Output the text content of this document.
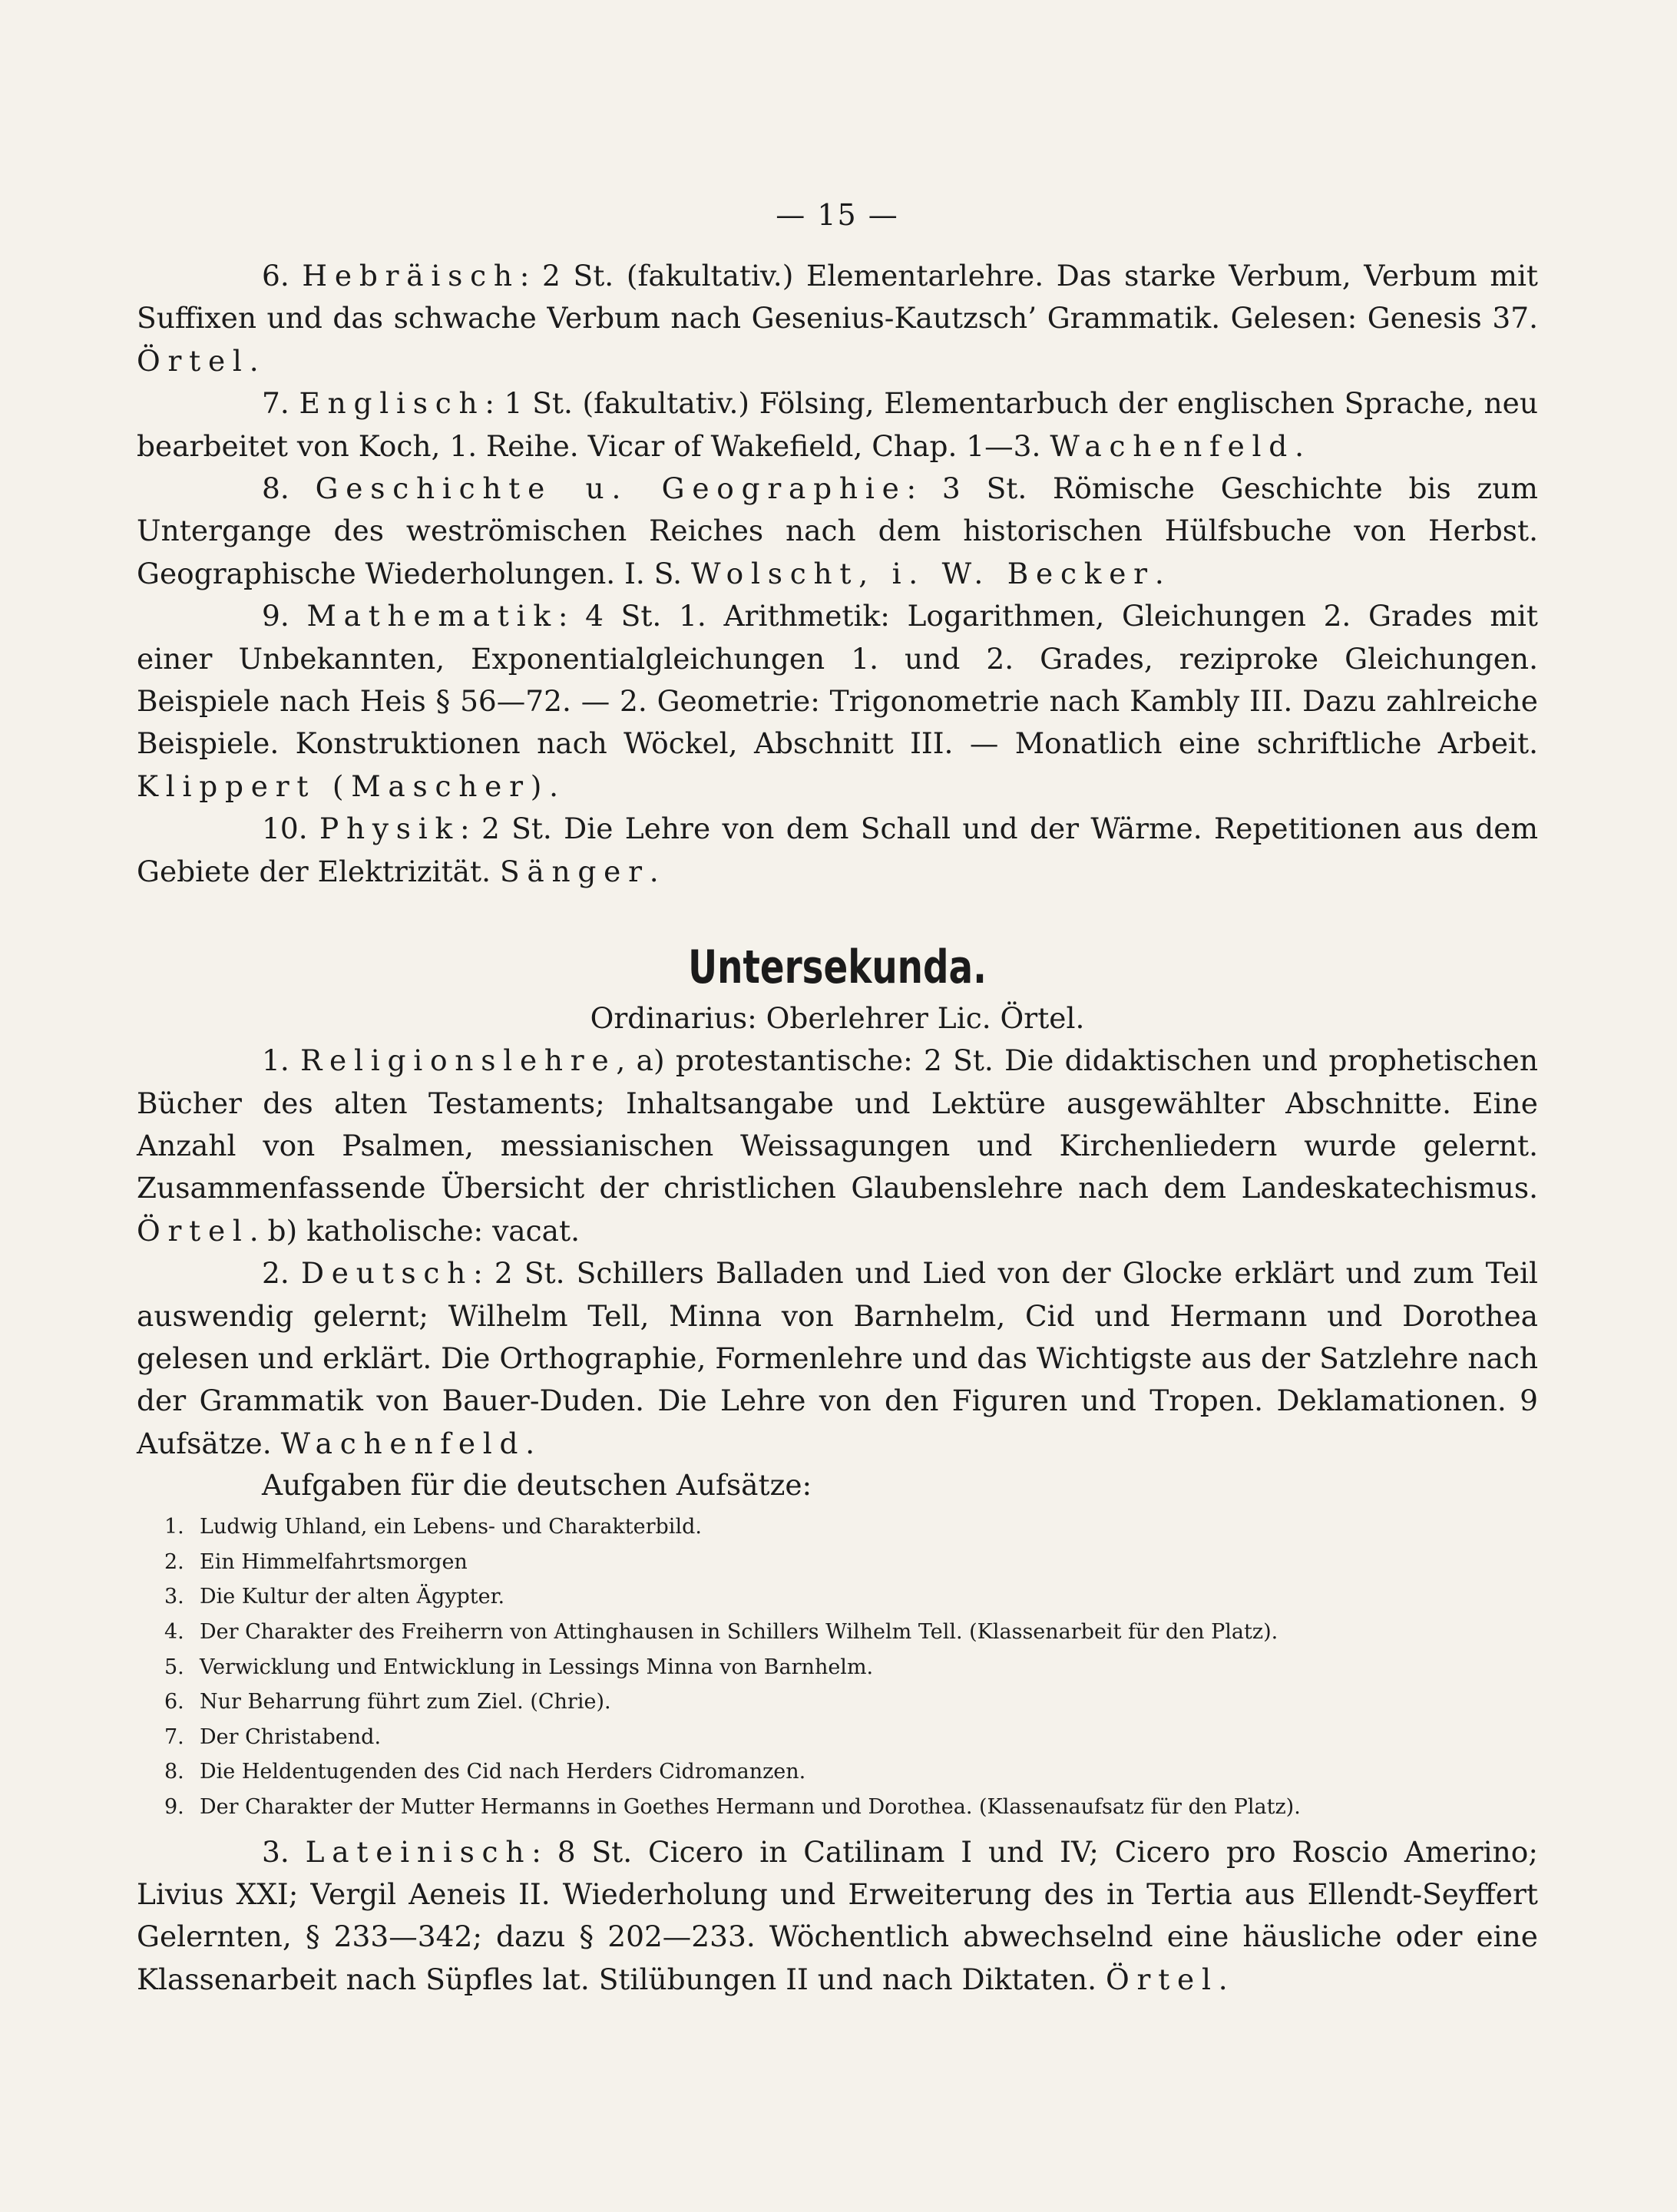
— 15 —

6. Hebräisch: 2 St. (fakultativ.) Elementarlehre. Das starke Verbum, Verbum mit Suffixen und das schwache Verbum nach Gesenius-Kautzsch’ Grammatik. Gelesen: Genesis 37. Örtel.

7. Englisch: 1 St. (fakultativ.) Fölsing, Elementarbuch der englischen Sprache, neu bearbeitet von Koch, 1. Reihe. Vicar of Wakefield, Chap. 1—3. Wachenfeld.

8. Geschichte u. Geographie: 3 St. Römische Geschichte bis zum Untergange des weströmischen Reiches nach dem historischen Hülfsbuche von Herbst. Geographische Wiederholungen. I. S. Wolscht, i. W. Becker.

9. Mathematik: 4 St. 1. Arithmetik: Logarithmen, Gleichungen 2. Grades mit einer Unbekannten, Exponentialgleichungen 1. und 2. Grades, reziproke Gleichungen. Beispiele nach Heis § 56—72. — 2. Geometrie: Trigonometrie nach Kambly III. Dazu zahlreiche Beispiele. Konstruktionen nach Wöckel, Abschnitt III. — Monatlich eine schriftliche Arbeit. Klippert (Mascher).

10. Physik: 2 St. Die Lehre von dem Schall und der Wärme. Repetitionen aus dem Gebiete der Elektrizität. Sänger.

Untersekunda.
Ordinarius: Oberlehrer Lic. Örtel.

1. Religionslehre, a) protestantische: 2 St. Die didaktischen und prophetischen Bücher des alten Testaments; Inhaltsangabe und Lektüre ausgewählter Abschnitte. Eine Anzahl von Psalmen, messianischen Weissagungen und Kirchenliedern wurde gelernt. Zusammenfassende Übersicht der christlichen Glaubenslehre nach dem Landeskatechismus. Örtel. b) katholische: vacat.

2. Deutsch: 2 St. Schillers Balladen und Lied von der Glocke erklärt und zum Teil auswendig gelernt; Wilhelm Tell, Minna von Barnhelm, Cid und Hermann und Dorothea gelesen und erklärt. Die Orthographie, Formenlehre und das Wichtigste aus der Satzlehre nach der Grammatik von Bauer-Duden. Die Lehre von den Figuren und Tropen. Deklamationen. 9 Aufsätze. Wachenfeld.

Aufgaben für die deutschen Aufsätze:

1. Ludwig Uhland, ein Lebens- und Charakterbild.
2. Ein Himmelfahrtsmorgen
3. Die Kultur der alten Ägypter.
4. Der Charakter des Freiherrn von Attinghausen in Schillers Wilhelm Tell. (Klassenarbeit für den Platz).
5. Verwicklung und Entwicklung in Lessings Minna von Barnhelm.
6. Nur Beharrung führt zum Ziel. (Chrie).
7. Der Christabend.
8. Die Heldentugenden des Cid nach Herders Cidromanzen.
9. Der Charakter der Mutter Hermanns in Goethes Hermann und Dorothea. (Klassenaufsatz für den Platz).

3. Lateinisch: 8 St. Cicero in Catilinam I und IV; Cicero pro Roscio Amerino; Livius XXI; Vergil Aeneis II. Wiederholung und Erweiterung des in Tertia aus Ellendt-Seyffert Gelernten, § 233—342; dazu § 202—233. Wöchentlich abwechselnd eine häusliche oder eine Klassenarbeit nach Süpfles lat. Stilübungen II und nach Diktaten. Örtel.
